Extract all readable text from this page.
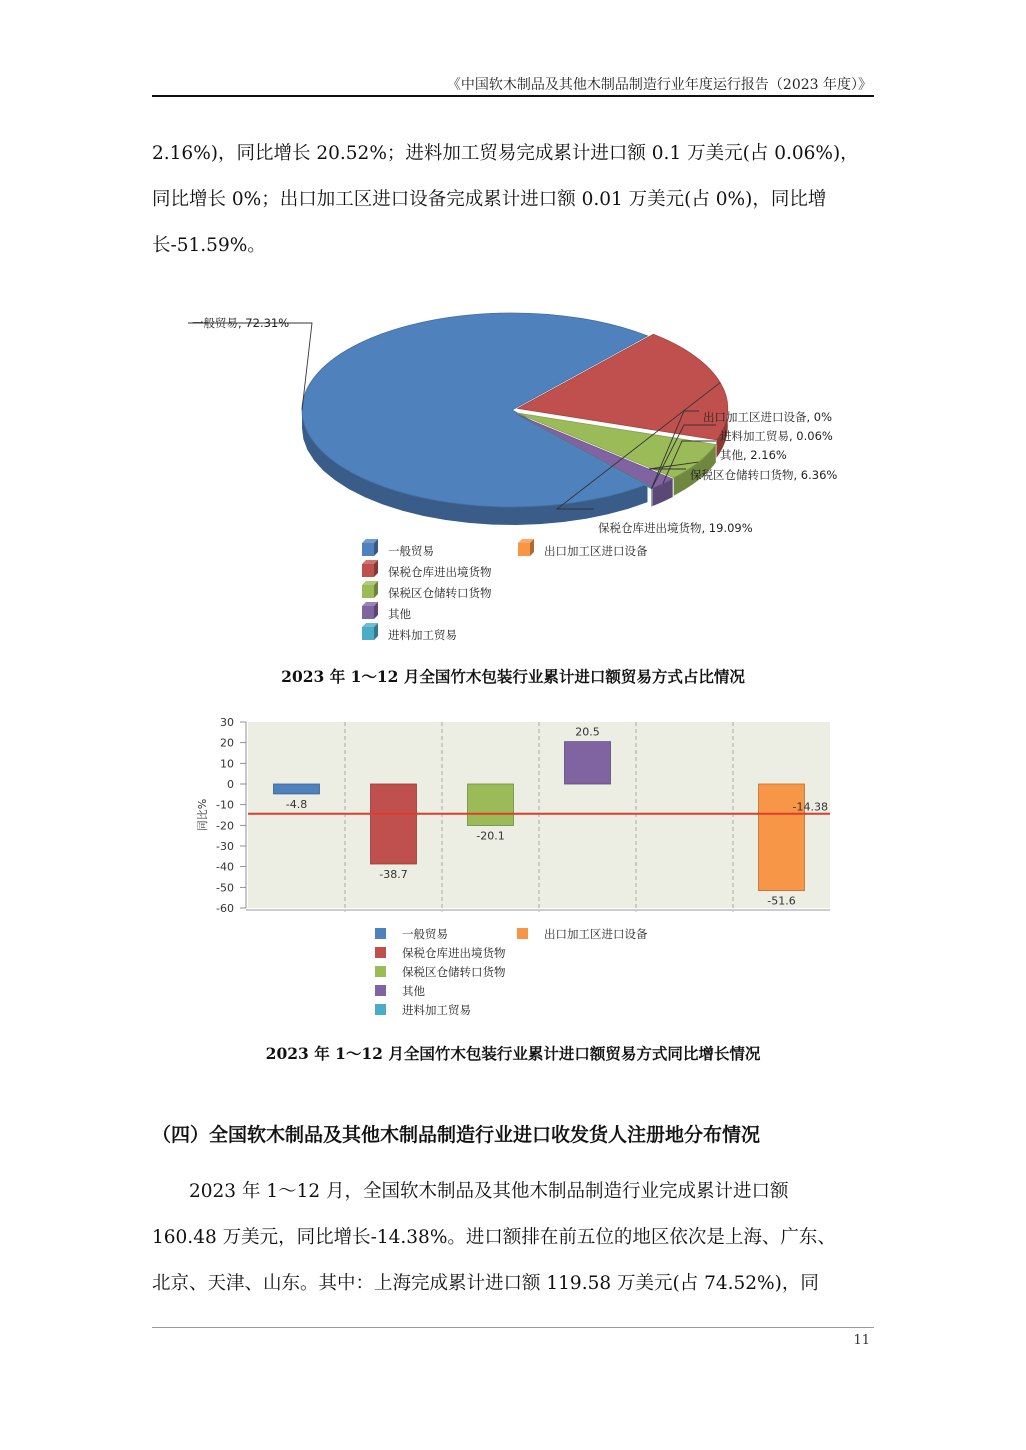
《中国软木制品及其他木制品制造行业年度运行报告（2023 年度）》
2.16%)，同比增长 20.52%；进料加工贸易完成累计进口额 0.1 万美元(占 0.06%)，
同比增长 0%；出口加工区进口设备完成累计进口额 0.01 万美元(占 0%)，同比增
长-51.59%。
一般贸易, 72.31%
保税仓库进出境货物, 19.09%
保税区仓储转口货物, 6.36%
其他, 2.16%
进料加工贸易, 0.06%
出口加工区进口设备, 0%
一般贸易	出口加工区进口设备
保税仓库进出境货物
保税区仓储转口货物
其他
进料加工贸易
2023 年 1～12 月全国竹木包装行业累计进口额贸易方式占比情况
30
20
10
0
-10
-20
-30
-40
-50
-60
同比%	-4.8
-38.7
-20.1
20.5
-51.6
-14.38
一般贸易	出口加工区进口设备
保税仓库进出境货物
保税区仓储转口货物
其他
进料加工贸易
2023 年 1～12 月全国竹木包装行业累计进口额贸易方式同比增长情况
（四）全国软木制品及其他木制品制造行业进口收发货人注册地分布情况
2023 年 1～12 月，全国软木制品及其他木制品制造行业完成累计进口额
160.48 万美元，同比增长-14.38%。进口额排在前五位的地区依次是上海、广东、
北京、天津、山东。其中：上海完成累计进口额 119.58 万美元(占 74.52%)，同
11
